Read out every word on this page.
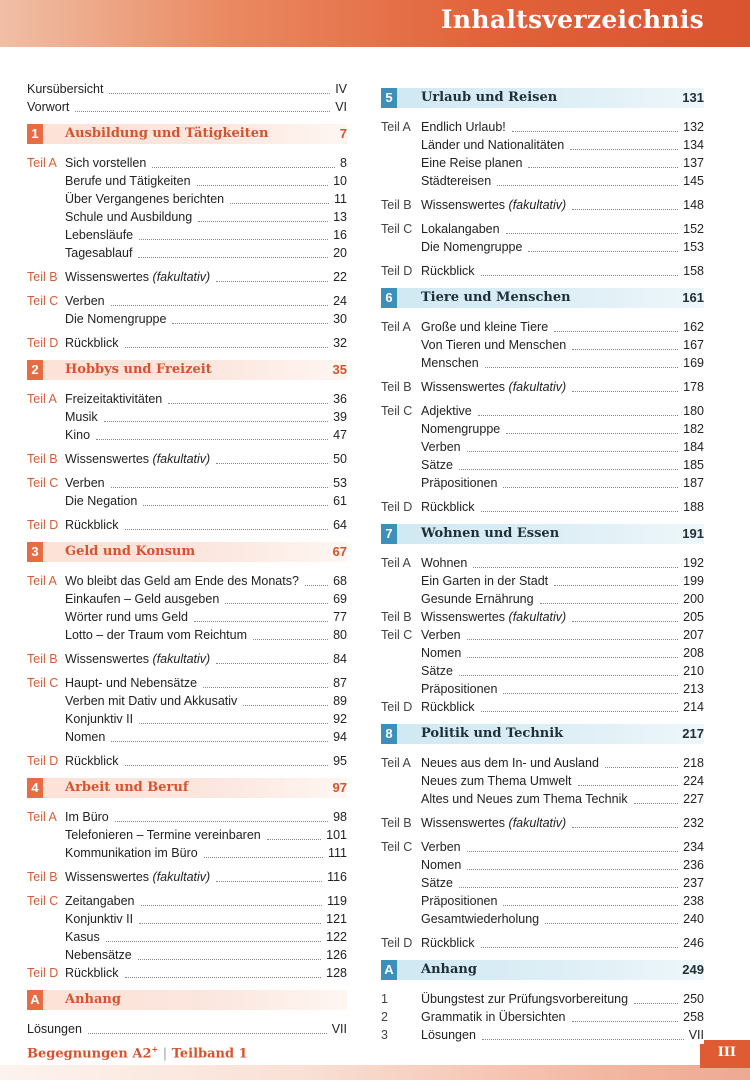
Inhaltsverzeichnis
Kursübersicht	IV
Vorwort	VI
1	Ausbildung und Tätigkeiten	7
Teil A Sich vorstellen	8
Berufe und Tätigkeiten	10
Über Vergangenes berichten	11
Schule und Ausbildung	13
Lebensläufe	16
Tagesablauf	20
Teil B Wissenswertes (fakultativ)	22
Teil C Verben	24
Die Nomengruppe	30
Teil D Rückblick	32
2	Hobbys und Freizeit	35
Teil A Freizeitaktivitäten	36
Musik	39
Kino	47
Teil B Wissenswertes (fakultativ)	50
Teil C Verben	53
Die Negation	61
Teil D Rückblick	64
3	Geld und Konsum	67
Teil A Wo bleibt das Geld am Ende des Monats?	68
Einkaufen – Geld ausgeben	69
Wörter rund ums Geld	77
Lotto – der Traum vom Reichtum	80
Teil B Wissenswertes (fakultativ)	84
Teil C Haupt- und Nebensätze	87
Verben mit Dativ und Akkusativ	89
Konjunktiv II	92
Nomen	94
Teil D Rückblick	95
4	Arbeit und Beruf	97
Teil A Im Büro	98
Telefonieren – Termine vereinbaren	101
Kommunikation im Büro	111
Teil B Wissenswertes (fakultativ)	116
Teil C Zeitangaben	119
Konjunktiv II	121
Kasus	122
Nebensätze	126
Teil D Rückblick	128
A Anhang
Lösungen	VII
5	Urlaub und Reisen	131
Teil A Endlich Urlaub!	132
Länder und Nationalitäten	134
Eine Reise planen	137
Städtereisen	145
Teil B Wissenswertes (fakultativ)	148
Teil C Lokalangaben	152
Die Nomengruppe	153
Teil D Rückblick	158
6	Tiere und Menschen	161
Teil A Große und kleine Tiere	162
Von Tieren und Menschen	167
Menschen	169
Teil B Wissenswertes (fakultativ)	178
Teil C Adjektive	180
Nomengruppe	182
Verben	184
Sätze	185
Präpositionen	187
Teil D Rückblick	188
7	Wohnen und Essen	191
Teil A Wohnen	192
Ein Garten in der Stadt	199
Gesunde Ernährung	200
Teil B Wissenswertes (fakultativ)	205
Teil C Verben	207
Nomen	208
Sätze	210
Präpositionen	213
Teil D Rückblick	214
8	Politik und Technik	217
Teil A Neues aus dem In- und Ausland	218
Neues zum Thema Umwelt	224
Altes und Neues zum Thema Technik	227
Teil B Wissenswertes (fakultativ)	232
Teil C Verben	234
Nomen	236
Sätze	237
Präpositionen	238
Gesamtwiederholung	240
Teil D Rückblick	246
A Anhang	249
1	Übungstest zur Prüfungsvorbereitung	250
2	Grammatik in Übersichten	258
3	Lösungen	VII
Begegnungen A2+ | Teilband 1	III
